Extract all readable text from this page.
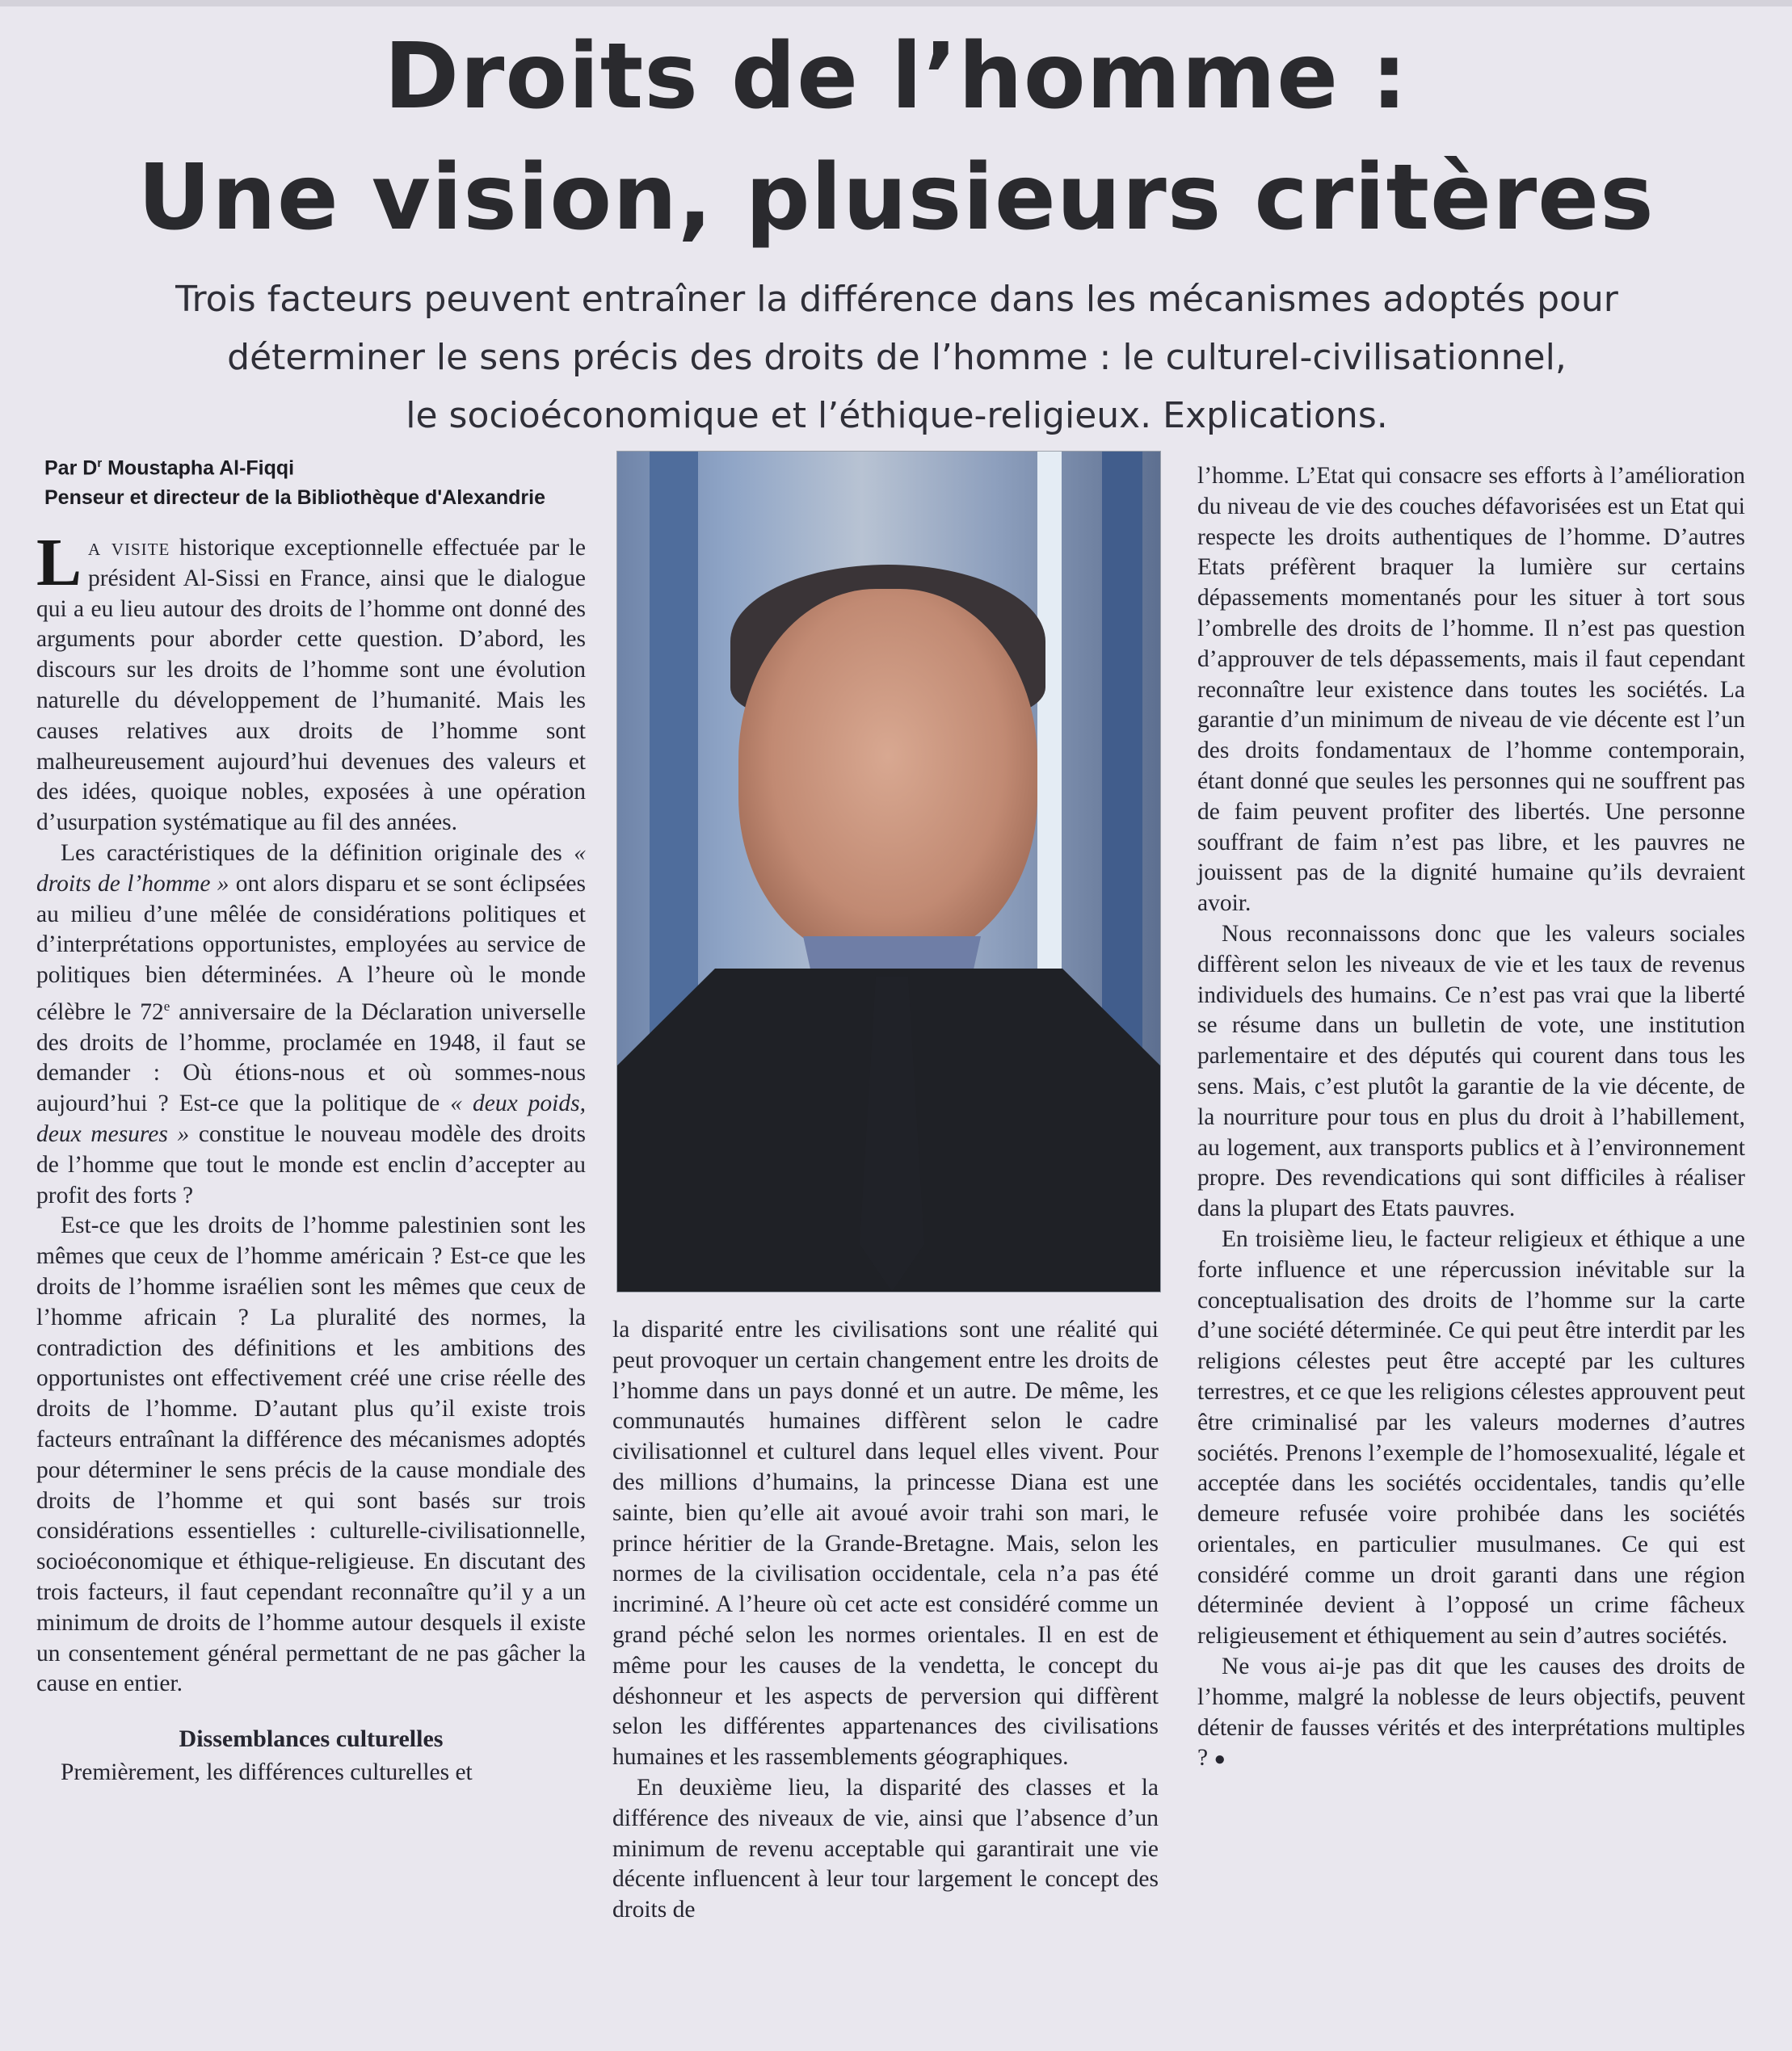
Droits de l’homme :
Une vision, plusieurs critères
Trois facteurs peuvent entraîner la différence dans les mécanismes adoptés pour
déterminer le sens précis des droits de l’homme : le culturel-civilisationnel,
le socioéconomique et l’éthique-religieux. Explications.
Par $D^r$ Moustapha Al-Fiqqi
Penseur et directeur de la Bibliothèque d'Alexandrie

La visite historique exceptionnelle effectuée par le président Al-Sissi en France, ainsi que le dialogue qui a eu lieu autour des droits de l’homme ont donné des arguments pour aborder cette question. D’abord, les discours sur les droits de l’homme sont une évolution naturelle du développement de l’humanité. Mais les causes relatives aux droits de l’homme sont malheureusement aujourd’hui devenues des valeurs et des idées, quoique nobles, exposées à une opération d’usurpation systématique au fil des années.

Les caractéristiques de la définition originale des « droits de l’homme » ont alors disparu et se sont éclipsées au milieu d’une mêlée de considérations politiques et d’interprétations opportunistes, employées au service de politiques bien déterminées. A l’heure où le monde célèbre le 72e anniversaire de la Déclaration universelle des droits de l’homme, proclamée en 1948, il faut se demander : Où étions-nous et où sommes-nous aujourd’hui ? Est-ce que la politique de « deux poids, deux mesures » constitue le nouveau modèle des droits de l’homme que tout le monde est enclin d’accepter au profit des forts ?

Est-ce que les droits de l’homme palestinien sont les mêmes que ceux de l’homme américain ? Est-ce que les droits de l’homme israélien sont les mêmes que ceux de l’homme africain ? La pluralité des normes, la contradiction des définitions et les ambitions des opportunistes ont effectivement créé une crise réelle des droits de l’homme. D’autant plus qu’il existe trois facteurs entraînant la différence des mécanismes adoptés pour déterminer le sens précis de la cause mondiale des droits de l’homme et qui sont basés sur trois considérations essentielles : culturelle-civilisationnelle, socioéconomique et éthique-religieuse. En discutant des trois facteurs, il faut cependant reconnaître qu’il y a un minimum de droits de l’homme autour desquels il existe un consentement général permettant de ne pas gâcher la cause en entier.

Dissemblances culturelles

Premièrement, les différences culturelles et

la disparité entre les civilisations sont une réalité qui peut provoquer un certain changement entre les droits de l’homme dans un pays donné et un autre. De même, les communautés humaines diffèrent selon le cadre civilisationnel et culturel dans lequel elles vivent. Pour des millions d’humains, la princesse Diana est une sainte, bien qu’elle ait avoué avoir trahi son mari, le prince héritier de la Grande-Bretagne. Mais, selon les normes de la civilisation occidentale, cela n’a pas été incriminé. A l’heure où cet acte est considéré comme un grand péché selon les normes orientales. Il en est de même pour les causes de la vendetta, le concept du déshonneur et les aspects de perversion qui diffèrent selon les différentes appartenances des civilisations humaines et les rassemblements géographiques.

En deuxième lieu, la disparité des classes et la différence des niveaux de vie, ainsi que l’absence d’un minimum de revenu acceptable qui garantirait une vie décente influencent à leur tour largement le concept des droits de

l’homme. L’Etat qui consacre ses efforts à l’amélioration du niveau de vie des couches défavorisées est un Etat qui respecte les droits authentiques de l’homme. D’autres Etats préfèrent braquer la lumière sur certains dépassements momentanés pour les situer à tort sous l’ombrelle des droits de l’homme. Il n’est pas question d’approuver de tels dépassements, mais il faut cependant reconnaître leur existence dans toutes les sociétés. La garantie d’un minimum de niveau de vie décente est l’un des droits fondamentaux de l’homme contemporain, étant donné que seules les personnes qui ne souffrent pas de faim peuvent profiter des libertés. Une personne souffrant de faim n’est pas libre, et les pauvres ne jouissent pas de la dignité humaine qu’ils devraient avoir.

Nous reconnaissons donc que les valeurs sociales diffèrent selon les niveaux de vie et les taux de revenus individuels des humains. Ce n’est pas vrai que la liberté se résume dans un bulletin de vote, une institution parlementaire et des députés qui courent dans tous les sens. Mais, c’est plutôt la garantie de la vie décente, de la nourriture pour tous en plus du droit à l’habillement, au logement, aux transports publics et à l’environnement propre. Des revendications qui sont difficiles à réaliser dans la plupart des Etats pauvres.

En troisième lieu, le facteur religieux et éthique a une forte influence et une répercussion inévitable sur la conceptualisation des droits de l’homme sur la carte d’une société déterminée. Ce qui peut être interdit par les religions célestes peut être accepté par les cultures terrestres, et ce que les religions célestes approuvent peut être criminalisé par les valeurs modernes d’autres sociétés. Prenons l’exemple de l’homosexualité, légale et acceptée dans les sociétés occidentales, tandis qu’elle demeure refusée voire prohibée dans les sociétés orientales, en particulier musulmanes. Ce qui est considéré comme un droit garanti dans une région déterminée devient à l’opposé un crime fâcheux religieusement et éthiquement au sein d’autres sociétés.

Ne vous ai-je pas dit que les causes des droits de l’homme, malgré la noblesse de leurs objectifs, peuvent détenir de fausses vérités et des interprétations multiples ? ●
